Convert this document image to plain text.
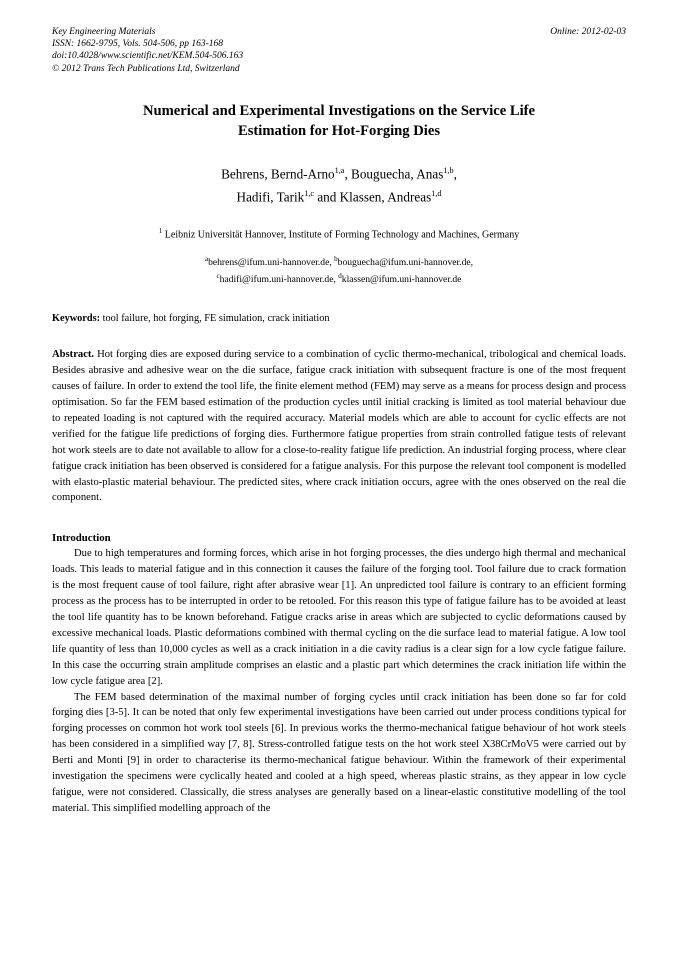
Online: 2012-02-03
Key Engineering Materials
ISSN: 1662-9795, Vols. 504-506, pp 163-168
doi:10.4028/www.scientific.net/KEM.504-506.163
© 2012 Trans Tech Publications Ltd, Switzerland
Numerical and Experimental Investigations on the Service Life
Estimation for Hot-Forging Dies
Behrens, Bernd-Arno$^{1,a}$, Bouguecha, Anas$^{1,b}$,
Hadifi, Tarik$^{1,c}$ and Klassen, Andreas$^{1,d}$
$^1$ Leibniz Universität Hannover, Institute of Forming Technology and Machines, Germany
$^a$behrens@ifum.uni-hannover.de, $^b$bouguecha@ifum.uni-hannover.de,
$^c$hadifi@ifum.uni-hannover.de, $^d$klassen@ifum.uni-hannover.de
Keywords: tool failure, hot forging, FE simulation, crack initiation
Abstract. Hot forging dies are exposed during service to a combination of cyclic thermo-mechanical, tribological and chemical loads. Besides abrasive and adhesive wear on the die surface, fatigue crack initiation with subsequent fracture is one of the most frequent causes of failure. In order to extend the tool life, the finite element method (FEM) may serve as a means for process design and process optimisation. So far the FEM based estimation of the production cycles until initial cracking is limited as tool material behaviour due to repeated loading is not captured with the required accuracy. Material models which are able to account for cyclic effects are not verified for the fatigue life predictions of forging dies. Furthermore fatigue properties from strain controlled fatigue tests of relevant hot work steels are to date not available to allow for a close-to-reality fatigue life prediction. An industrial forging process, where clear fatigue crack initiation has been observed is considered for a fatigue analysis. For this purpose the relevant tool component is modelled with elasto-plastic material behaviour. The predicted sites, where crack initiation occurs, agree with the ones observed on the real die component.
Introduction

Due to high temperatures and forming forces, which arise in hot forging processes, the dies undergo high thermal and mechanical loads. This leads to material fatigue and in this connection it causes the failure of the forging tool. Tool failure due to crack formation is the most frequent cause of tool failure, right after abrasive wear [1]. An unpredicted tool failure is contrary to an efficient forming process as the process has to be interrupted in order to be retooled. For this reason this type of fatigue failure has to be avoided at least the tool life quantity has to be known beforehand. Fatigue cracks arise in areas which are subjected to cyclic deformations caused by excessive mechanical loads. Plastic deformations combined with thermal cycling on the die surface lead to material fatigue. A low tool life quantity of less than 10,000 cycles as well as a crack initiation in a die cavity radius is a clear sign for a low cycle fatigue failure. In this case the occurring strain amplitude comprises an elastic and a plastic part which determines the crack initiation life within the low cycle fatigue area [2].

The FEM based determination of the maximal number of forging cycles until crack initiation has been done so far for cold forging dies [3-5]. It can be noted that only few experimental investigations have been carried out under process conditions typical for forging processes on common hot work tool steels [6]. In previous works the thermo-mechanical fatigue behaviour of hot work steels has been considered in a simplified way [7, 8]. Stress-controlled fatigue tests on the hot work steel X38CrMoV5 were carried out by Berti and Monti [9] in order to characterise its thermo-mechanical fatigue behaviour. Within the framework of their experimental investigation the specimens were cyclically heated and cooled at a high speed, whereas plastic strains, as they appear in low cycle fatigue, were not considered. Classically, die stress analyses are generally based on a linear-elastic constitutive modelling of the tool material. This simplified modelling approach of the
